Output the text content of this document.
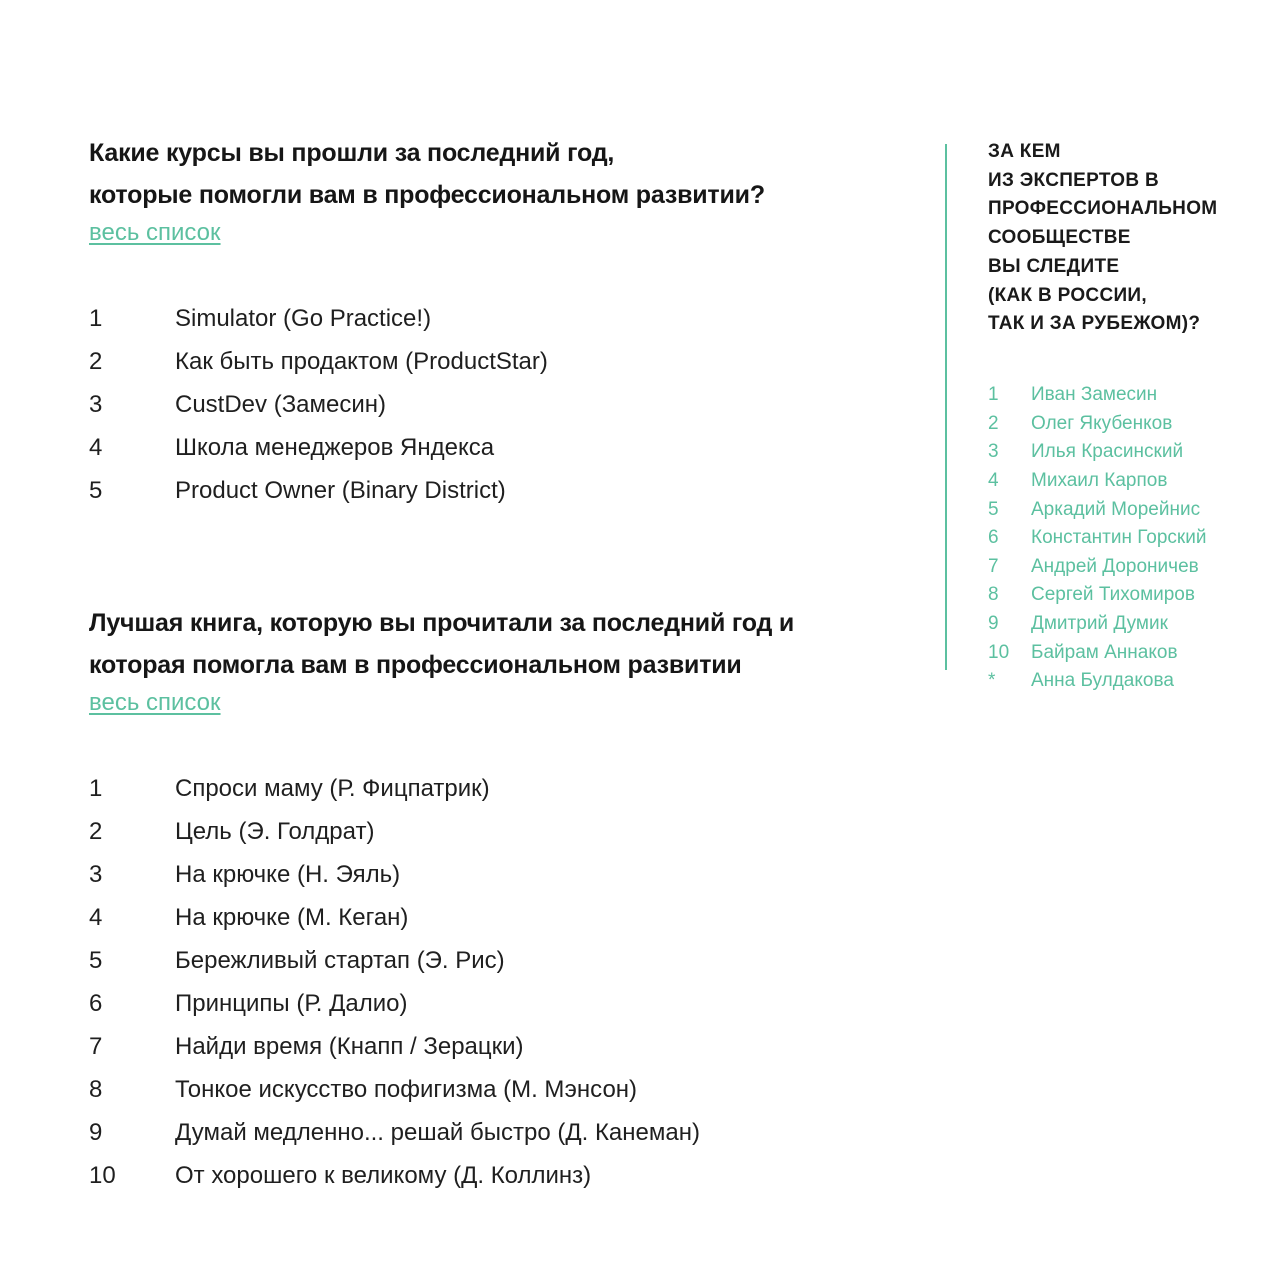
Какие курсы вы прошли за последний год,
которые помогли вам в профессиональном развитии?
весь список
1	Simulator (Go Practice!)
2	Как быть продактом (ProductStar)
3	CustDev (Замесин)
4	Школа менеджеров Яндекса
5	Product Owner (Binary District)
Лучшая книга, которую вы прочитали за последний год и
которая помогла вам в профессиональном развитии
весь список
1	Спроси маму (Р. Фицпатрик)
2	Цель (Э. Голдрат)
3	На крючке (Н. Эяль)
4	На крючке (М. Кеган)
5	Бережливый стартап (Э. Рис)
6	Принципы (Р. Далио)
7	Найди время (Кнапп / Зерацки)
8	Тонкое искусство пофигизма (М. Мэнсон)
9	Думай медленно... решай быстро (Д. Канеман)
10	От хорошего к великому (Д. Коллинз)
ЗА КЕМ
ИЗ ЭКСПЕРТОВ В
ПРОФЕССИОНАЛЬНОМ
СООБЩЕСТВЕ
ВЫ СЛЕДИТЕ
(КАК В РОССИИ,
ТАК И ЗА РУБЕЖОМ)?
1	Иван Замесин
2	Олег Якубенков
3	Илья Красинский
4	Михаил Карпов
5	Аркадий Морейнис
6	Константин Горский
7	Андрей Дороничев
8	Сергей Тихомиров
9	Дмитрий Думик
10	Байрам Аннаков
*	Анна Булдакова
